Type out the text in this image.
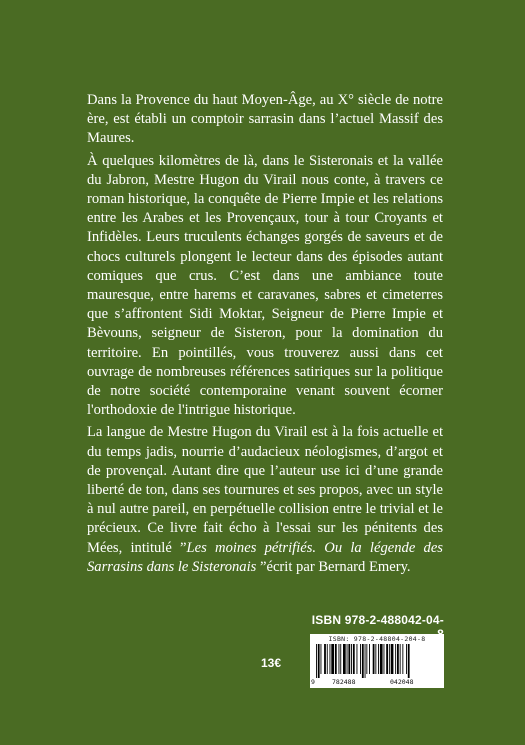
Dans la Provence du haut Moyen-Âge, au X° siècle de notre ère, est établi un comptoir sarrasin dans l’actuel Massif des Maures.

À quelques kilomètres de là, dans le Sisteronais et la vallée du Jabron, Mestre Hugon du Virail nous conte, à travers ce roman historique, la conquête de Pierre Impie et les relations entre les Arabes et les Provençaux, tour à tour Croyants et Infidèles. Leurs truculents échanges gorgés de saveurs et de chocs culturels plongent le lecteur dans des épisodes autant comiques que crus. C’est dans une ambiance toute mauresque, entre harems et caravanes, sabres et cimeterres que s’affrontent Sidi Moktar, Seigneur de Pierre Impie et Bèvouns, seigneur de Sisteron, pour la domination du territoire. En pointillés, vous trouverez aussi dans cet ouvrage de nombreuses références satiriques sur la politique de notre société contemporaine venant souvent écorner l'orthodoxie de l'intrigue historique.

La langue de Mestre Hugon du Virail est à la fois actuelle et du temps jadis, nourrie d’audacieux néologismes, d’argot et de provençal. Autant dire que l’auteur use ici d’une grande liberté de ton, dans ses tournures et ses propos, avec un style à nul autre pareil, en perpétuelle collision entre le trivial et le précieux. Ce livre fait écho à l'essai sur les pénitents des Mées, intitulé ”Les moines pétrifiés. Ou la légende des Sarrasins dans le Sisteronais ”écrit par Bernard Emery.

ISBN 978-2-488042-04-
13€
ISBN: 978-2-48804-204-8
9	782488	042048
